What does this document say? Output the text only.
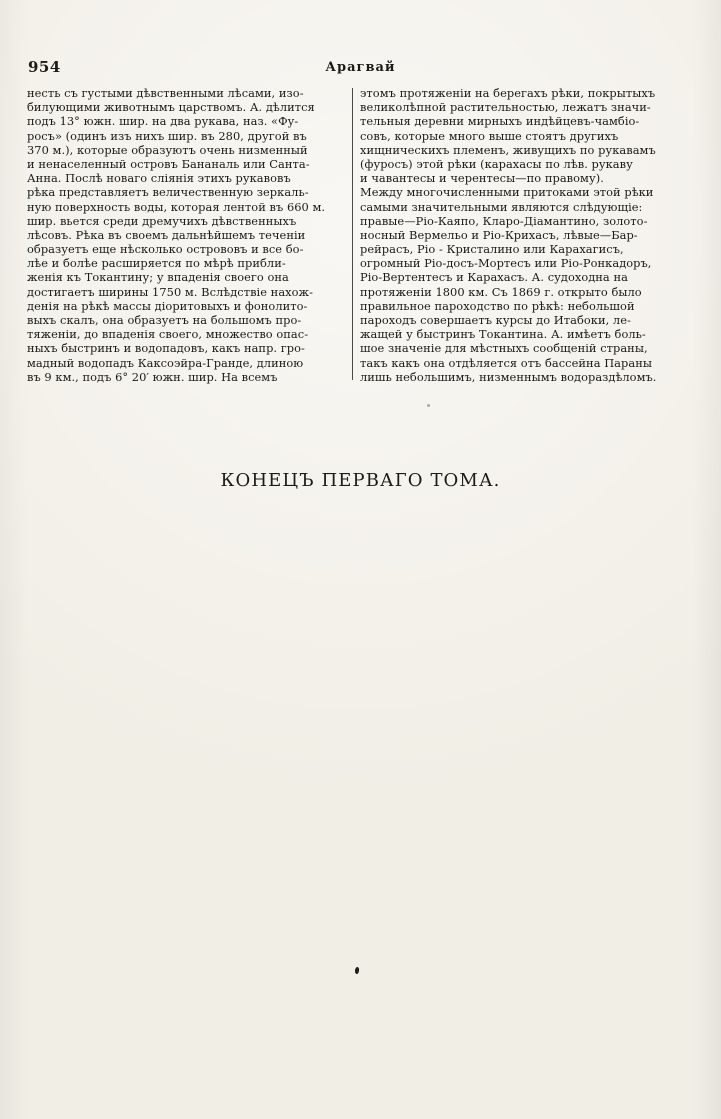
954	Арагвай
несть съ густыми дѣвственными лѣсами, изо-
билующими животнымъ царствомъ. А. дѣлится
подъ 13° южн. шир. на два рукава, наз. «Фу-
росъ» (одинъ изъ нихъ шир. въ 280, другой въ
370 м.), которые образуютъ очень низменный
и ненаселенный островъ Бананаль или Санта-
Анна. Послѣ новаго сліянія этихъ рукавовъ
рѣка представляетъ величественную зеркаль-
ную поверхность воды, которая лентой въ 660 м.
шир. вьется среди дремучихъ дѣвственныхъ
лѣсовъ. Рѣка въ своемъ дальнѣйшемъ теченіи
образуетъ еще нѣсколько острововъ и все бо-
лѣе и болѣе расширяется по мѣрѣ прибли-
женія къ Токантину; у впаденія своего она
достигаетъ ширины 1750 м. Вслѣдствіе нахож-
денія на рѣкѣ массы діоритовыхъ и фонолито-
выхъ скалъ, она образуетъ на большомъ про-
тяженіи, до впаденія своего, множество опас-
ныхъ быстринъ и водопадовъ, какъ напр. гро-
мадный водопадъ Каксоэйра-Гранде, длиною
въ 9 км., подъ 6° 20′ южн. шир. На всемъ
этомъ протяженіи на берегахъ рѣки, покрытыхъ
великолѣпной растительностью, лежатъ значи-
тельныя деревни мирныхъ индѣйцевъ-чамбіо-
совъ, которые много выше стоятъ другихъ
хищническихъ племенъ, живущихъ по рукавамъ
(фуросъ) этой рѣки (карахасы по лѣв. рукаву
и чавантесы и черентесы—по правому).
Между многочисленными притоками этой рѣки
самыми значительными являются слѣдующіе:
правые—Ріо-Каяпо, Кларо-Діамантино, золото-
носный Вермельо и Ріо-Крихасъ, лѣвые—Бар-
рейрасъ, Ріо - Кристалино или Карахагисъ,
огромный Ріо-досъ-Мортесъ или Ріо-Ронкадоръ,
Ріо-Вертентесъ и Карахасъ. А. судоходна на
протяженіи 1800 км. Съ 1869 г. открыто было
правильное пароходство по рѣкѣ: небольшой
пароходъ совершаетъ курсы до Итабоки, ле-
жащей у быстринъ Токантина. А. имѣетъ боль-
шое значеніе для мѣстныхъ сообщеній страны,
такъ какъ она отдѣляется отъ бассейна Параны
лишь небольшимъ, низменнымъ водораздѣломъ.
КОНЕЦЪ ПЕРВАГО ТОМА.
